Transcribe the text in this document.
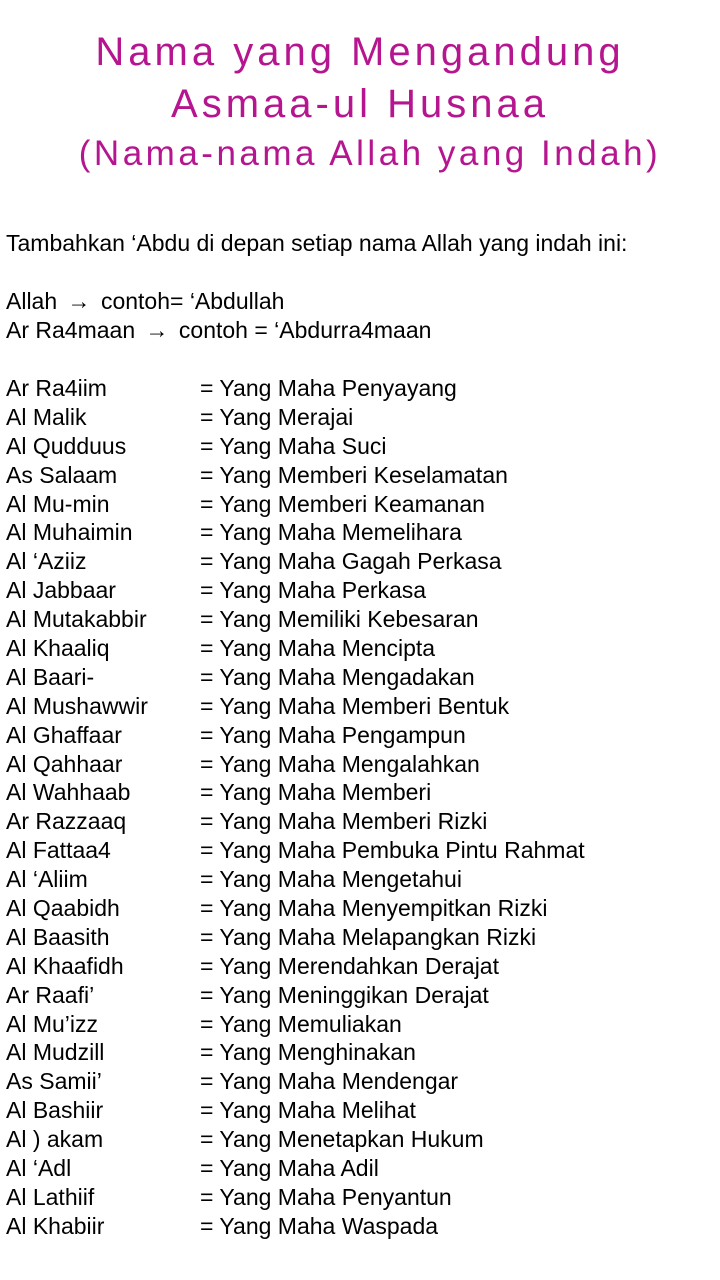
Nama yang Mengandung
Asmaa-ul Husnaa
(Nama-nama Allah yang Indah)
Tambahkan ‘Abdu di depan setiap nama Allah yang indah ini:
Allah → contoh= ‘Abdullah
Ar Ra4maan → contoh = ‘Abdurra4maan
Ar Ra4iim	= Yang Maha Penyayang
Al Malik	= Yang Merajai
Al Qudduus	= Yang Maha Suci
As Salaam	= Yang Memberi Keselamatan
Al Mu-min	= Yang Memberi Keamanan
Al Muhaimin	= Yang Maha Memelihara
Al ‘Aziiz	= Yang Maha Gagah Perkasa
Al Jabbaar	= Yang Maha Perkasa
Al Mutakabbir	= Yang Memiliki Kebesaran
Al Khaaliq	= Yang Maha Mencipta
Al Baari-	= Yang Maha Mengadakan
Al Mushawwir	= Yang Maha Memberi Bentuk
Al Ghaffaar	= Yang Maha Pengampun
Al Qahhaar	= Yang Maha Mengalahkan
Al Wahhaab	= Yang Maha Memberi
Ar Razzaaq	= Yang Maha Memberi Rizki
Al Fattaa4	= Yang Maha Pembuka Pintu Rahmat
Al ‘Aliim	= Yang Maha Mengetahui
Al Qaabidh	= Yang Maha Menyempitkan Rizki
Al Baasith	= Yang Maha Melapangkan Rizki
Al Khaafidh	= Yang Merendahkan Derajat
Ar Raafi’	= Yang Meninggikan Derajat
Al Mu’izz	= Yang Memuliakan
Al Mudzill	= Yang Menghinakan
As Samii’	= Yang Maha Mendengar
Al Bashiir	= Yang Maha Melihat
Al ) akam	= Yang Menetapkan Hukum
Al ‘Adl	= Yang Maha Adil
Al Lathiif	= Yang Maha Penyantun
Al Khabiir	= Yang Maha Waspada
